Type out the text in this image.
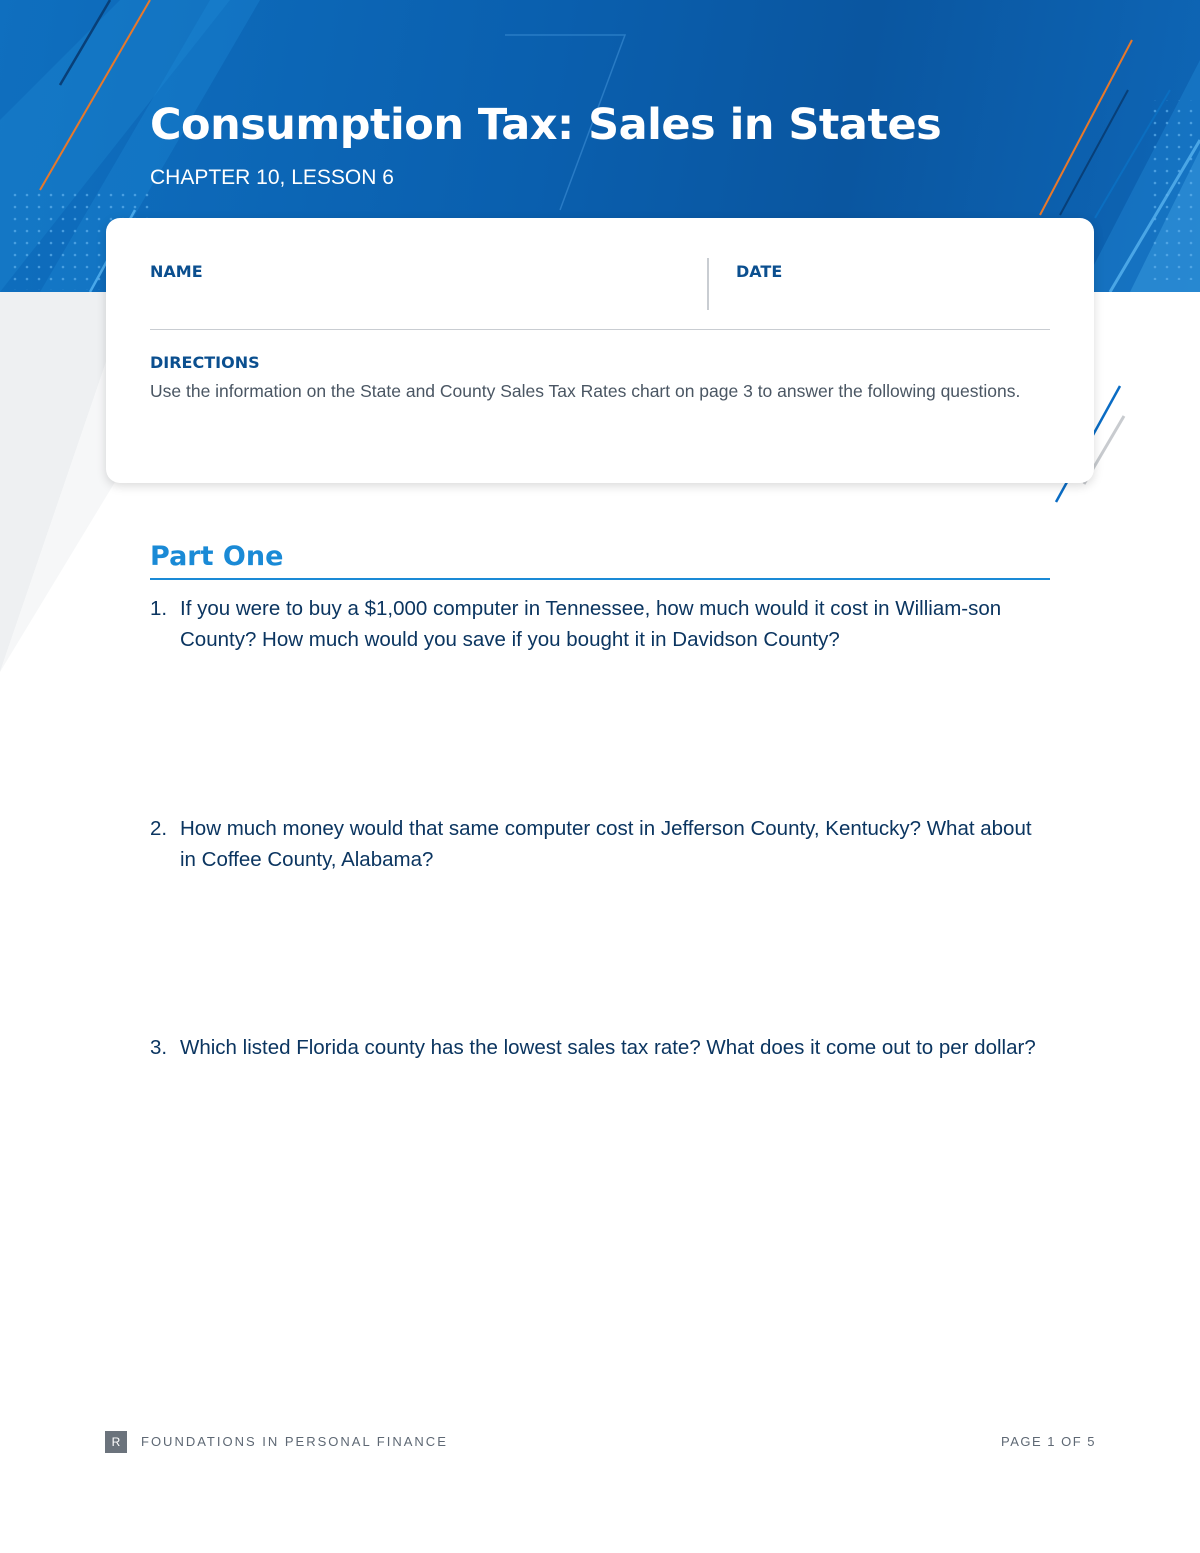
Consumption Tax: Sales in States
CHAPTER 10, LESSON 6
NAME	DATE
DIRECTIONS
Use the information on the State and County Sales Tax Rates chart on page 3 to answer the following questions.
Part One
1. If you were to buy a $1,000 computer in Tennessee, how much would it cost in William-son County? How much would you save if you bought it in Davidson County?
2. How much money would that same computer cost in Jefferson County, Kentucky? What about in Coffee County, Alabama?
3. Which listed Florida county has the lowest sales tax rate? What does it come out to per dollar?
R	FOUNDATIONS IN PERSONAL FINANCE	PAGE 1 OF 5
